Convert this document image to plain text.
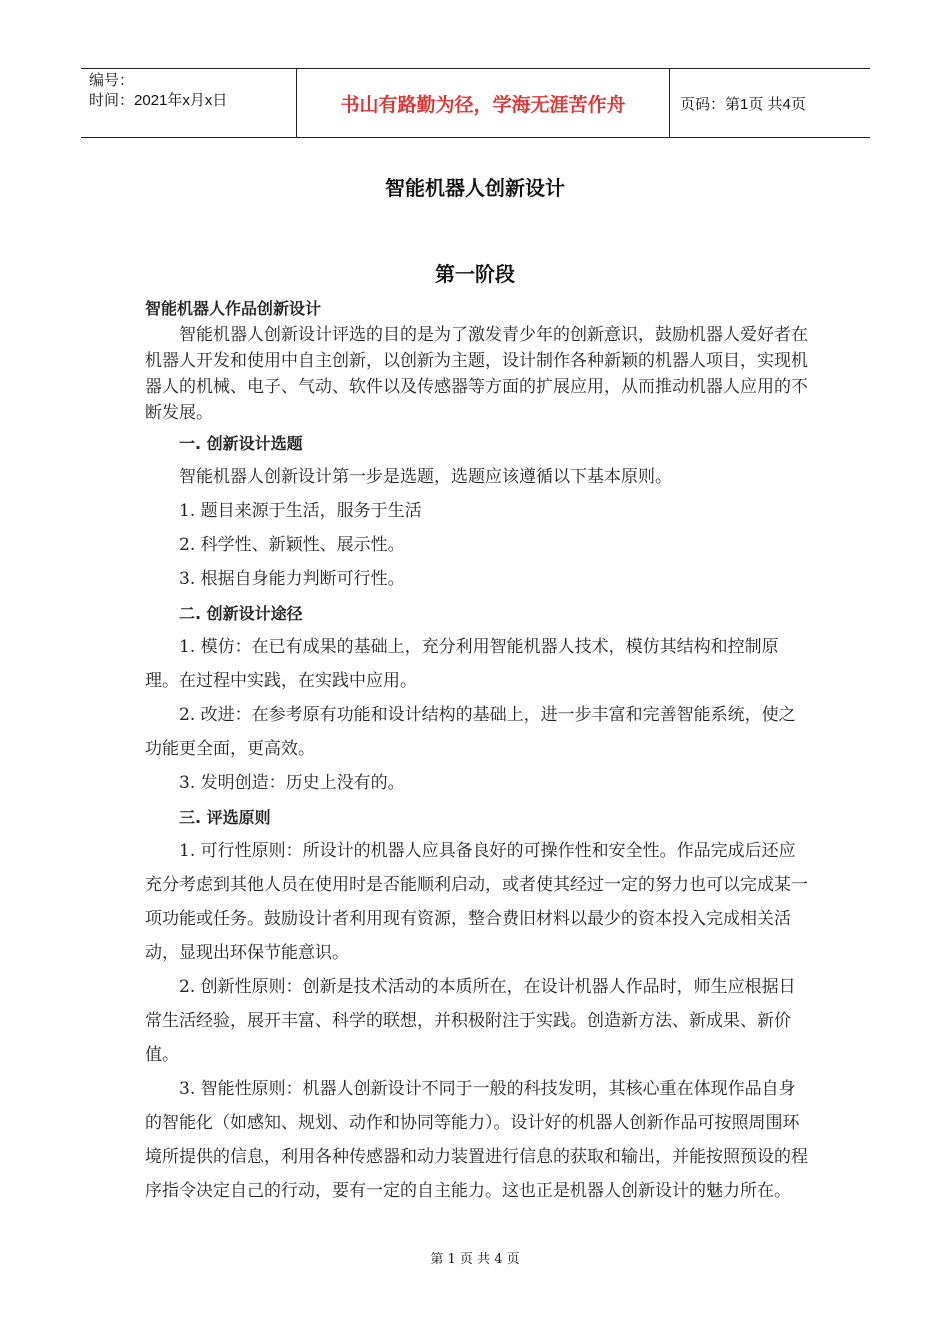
编号：
时间：2021年x月x日	书山有路勤为径，学海无涯苦作舟	页码：第1页 共4页
智能机器人创新设计
第一阶段

智能机器人作品创新设计

智能机器人创新设计评选的目的是为了激发青少年的创新意识，鼓励机器人爱好者在机器人开发和使用中自主创新，以创新为主题，设计制作各种新颖的机器人项目，实现机器人的机械、电子、气动、软件以及传感器等方面的扩展应用，从而推动机器人应用的不断发展。

一. 创新设计选题

智能机器人创新设计第一步是选题，选题应该遵循以下基本原则。

1. 题目来源于生活，服务于生活

2. 科学性、新颖性、展示性。

3. 根据自身能力判断可行性。

二. 创新设计途径

1. 模仿：在已有成果的基础上，充分利用智能机器人技术，模仿其结构和控制原理。在过程中实践，在实践中应用。

2. 改进：在参考原有功能和设计结构的基础上，进一步丰富和完善智能系统，使之功能更全面，更高效。

3. 发明创造：历史上没有的。

三. 评选原则

1. 可行性原则：所设计的机器人应具备良好的可操作性和安全性。作品完成后还应充分考虑到其他人员在使用时是否能顺利启动，或者使其经过一定的努力也可以完成某一项功能或任务。鼓励设计者利用现有资源，整合费旧材料以最少的资本投入完成相关活动，显现出环保节能意识。

2. 创新性原则：创新是技术活动的本质所在，在设计机器人作品时，师生应根据日常生活经验，展开丰富、科学的联想，并积极附注于实践。创造新方法、新成果、新价值。

3. 智能性原则：机器人创新设计不同于一般的科技发明，其核心重在体现作品自身的智能化（如感知、规划、动作和协同等能力）。设计好的机器人创新作品可按照周围环境所提供的信息，利用各种传感器和动力装置进行信息的获取和输出，并能按照预设的程序指令决定自己的行动，要有一定的自主能力。这也正是机器人创新设计的魅力所在。

第 1 页 共 4 页
